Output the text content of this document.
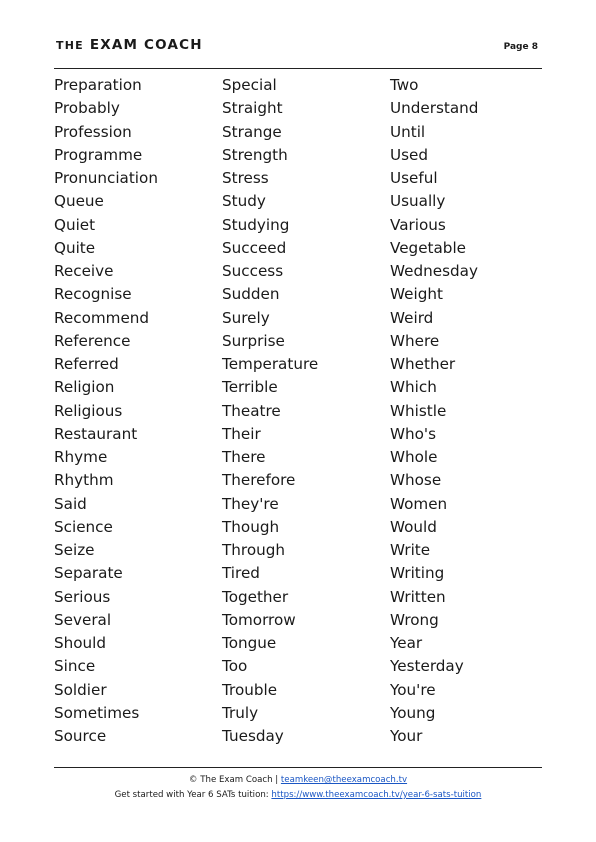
THE EXAM COACH	Page 8
Preparation
Probably
Profession
Programme
Pronunciation
Queue
Quiet
Quite
Receive
Recognise
Recommend
Reference
Referred
Religion
Religious
Restaurant
Rhyme
Rhythm
Said
Science
Seize
Separate
Serious
Several
Should
Since
Soldier
Sometimes
Source
Special
Straight
Strange
Strength
Stress
Study
Studying
Succeed
Success
Sudden
Surely
Surprise
Temperature
Terrible
Theatre
Their
There
Therefore
They're
Though
Through
Tired
Together
Tomorrow
Tongue
Too
Trouble
Truly
Tuesday
Two
Understand
Until
Used
Useful
Usually
Various
Vegetable
Wednesday
Weight
Weird
Where
Whether
Which
Whistle
Who's
Whole
Whose
Women
Would
Write
Writing
Written
Wrong
Year
Yesterday
You're
Young
Your
© The Exam Coach | teamkeen@theexamcoach.tv
Get started with Year 6 SATs tuition: https://www.theexamcoach.tv/year-6-sats-tuition
